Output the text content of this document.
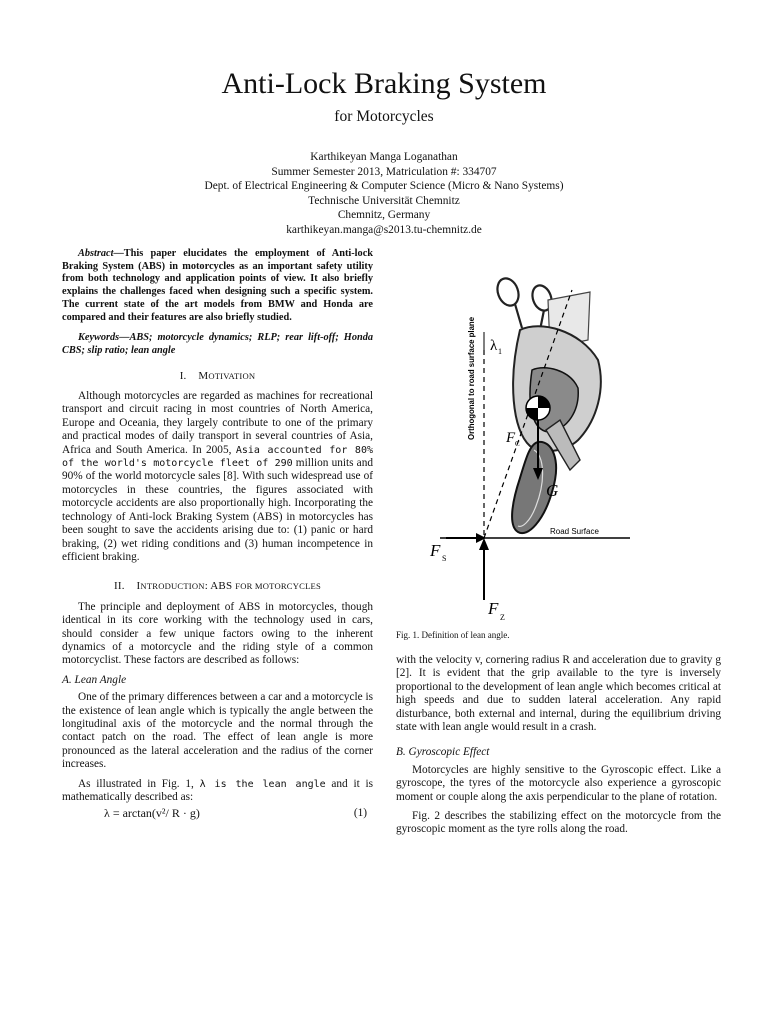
Anti-Lock Braking System
for Motorcycles
Karthikeyan Manga Loganathan
Summer Semester 2013, Matriculation #: 334707
Dept. of Electrical Engineering & Computer Science (Micro & Nano Systems)
Technische Universität Chemnitz
Chemnitz, Germany
karthikeyan.manga@s2013.tu-chemnitz.de

Abstract—This paper elucidates the employment of Anti-lock Braking System (ABS) in motorcycles as an important safety utility from both technology and application points of view. It also briefly explains the challenges faced when designing such a specific system. The current state of the art models from BMW and Honda are compared and their features are also briefly studied.

Keywords—ABS; motorcycle dynamics; RLP; rear lift-off; Honda CBS; slip ratio; lean angle

I. MOTIVATION

Although motorcycles are regarded as machines for recreational transport and circuit racing in most countries of North America, Europe and Oceania, they largely contribute to one of the primary and practical modes of daily transport in several countries of Asia, Africa and South America. In 2005, Asia accounted for 80% of the world's motorcycle fleet of 290 million units and 90% of the world motorcycle sales [8]. With such widespread use of motorcycles in these countries, the figures associated with motorcycle accidents are also proportionally high. Incorporating the technology of Anti-lock Braking System (ABS) in motorcycles has been sought to save the accidents arising due to: (1) panic or hard braking, (2) wet riding conditions and (3) human incompetence in efficient braking.

II. INTRODUCTION: ABS FOR MOTORCYCLES

The principle and deployment of ABS in motorcycles, though identical in its core working with the technology used in cars, should consider a few unique factors owing to the inherent dynamics of a motorcycle and the riding style of a common motorcyclist. These factors are described as follows:

A. Lean Angle

One of the primary differences between a car and a motorcycle is the existence of lean angle which is typically the angle between the longitudinal axis of the motorcycle and the normal through the contact patch on the road. The effect of lean angle is more pronounced as the lateral acceleration and the radius of the corner increases.

As illustrated in Fig. 1, λ is the lean angle and it is mathematically described as:

λ = arctan(v²/ R · g)	(1)
λ 1
Orthogonal to road surface plane F C
G
Road Surface
F S
F Z
Fig. 1. Definition of lean angle.

with the velocity v, cornering radius R and acceleration due to gravity g [2]. It is evident that the grip available to the tyre is inversely proportional to the development of lean angle which becomes critical at high speeds and due to sudden lateral acceleration. Any rapid disturbance, both external and internal, during the equilibrium driving state with lean angle would result in a crash.

B. Gyroscopic Effect

Motorcycles are highly sensitive to the Gyroscopic effect. Like a gyroscope, the tyres of the motorcycle also experience a gyroscopic moment or couple along the axis perpendicular to the plane of rotation.

Fig. 2 describes the stabilizing effect on the motorcycle from the gyroscopic moment as the tyre rolls along the road.
